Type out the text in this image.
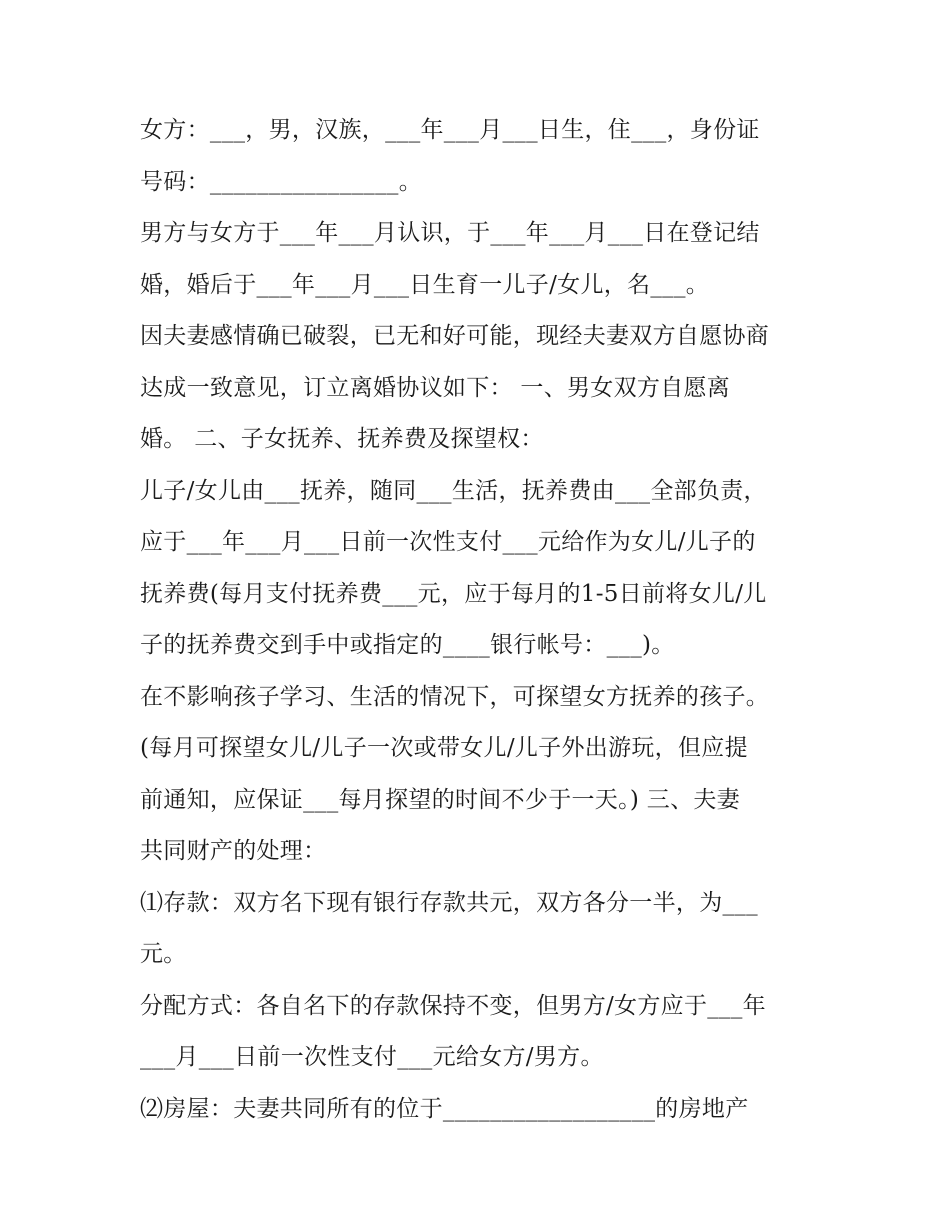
女方：___，男，汉族，___年___月___日生，住___，身份证
号码：________________。
男方与女方于___年___月认识，于___年___月___日在登记结
婚，婚后于___年___月___日生育一儿子/女儿，名___。
因夫妻感情确已破裂，已无和好可能，现经夫妻双方自愿协商
达成一致意见，订立离婚协议如下： 一、男女双方自愿离
婚。 二、子女抚养、抚养费及探望权：
儿子/女儿由___抚养，随同___生活，抚养费由___全部负责，
应于___年___月___日前一次性支付___元给作为女儿/儿子的
抚养费(每月支付抚养费___元，应于每月的1-5日前将女儿/儿
子的抚养费交到手中或指定的____银行帐号：___)。
在不影响孩子学习、生活的情况下，可探望女方抚养的孩子。
(每月可探望女儿/儿子一次或带女儿/儿子外出游玩，但应提
前通知，应保证___每月探望的时间不少于一天。) 三、夫妻
共同财产的处理：
⑴存款：双方名下现有银行存款共元，双方各分一半，为___
元。
分配方式：各自名下的存款保持不变，但男方/女方应于___年
___月___日前一次性支付___元给女方/男方。
⑵房屋：夫妻共同所有的位于__________________的房地产
